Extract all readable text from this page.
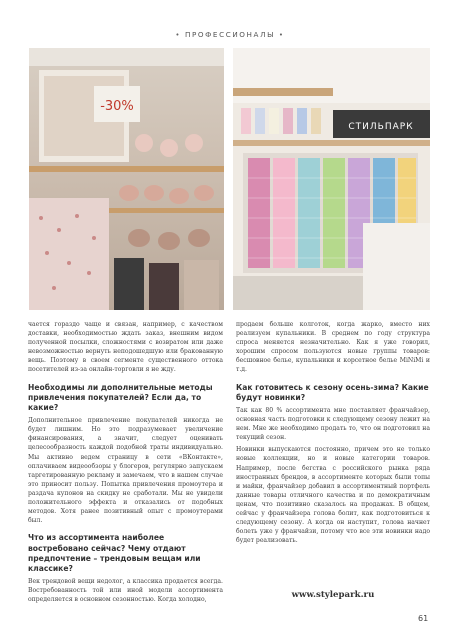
• ПРОФЕССИОНАЛЫ •
-30%
СТИЛЬПАРК

чается гораздо чаще и связан, например, с качеством доставки, необходимостью ждать заказ, внешним видом полученной посылки, сложностями с возвратом или даже невозможностью вернуть неподошедшую или бракованную вещь. Поэтому в своем сегменте существенного оттока посетителей из-за онлайн-торговли я не жду.

Необходимы ли дополнительные методы привлечения покупателей? Если да, то какие?

Дополнительное привлечение покупателей никогда не будет лишним. Но это подразумевает увеличение финансирования, а значит, следует оценивать целесообразность каждой подобной траты индивидуально. Мы активно ведем страницу в сети «ВКонтакте», оплачиваем видеообзоры у блогеров, регулярно запускаем таргетированную рекламу и замечаем, что в нашем случае это приносит пользу. Попытка привлечения промоутера и раздача купонов на скидку не сработали. Мы не увидели положительного эффекта и отказались от подобных методов. Хотя ранее позитивный опыт с промоутерами был.

Что из ассортимента наиболее востребовано сейчас? Чему отдают предпочтение – трендовым вещам или классике?

Век трендовой вещи недолог, а классика продается всегда. Востребованность той или иной модели ассортимента определяется в основном сезонностью. Когда холодно,

продаем больше колготок, когда жарко, вместо них реализуем купальники. В среднем по году структура спроса меняется незначительно. Как я уже говорил, хорошим спросом пользуются новые группы товаров: бесшовное белье, купальники и корсетное белье MiNiMi и т.д.

Как готовитесь к сезону осень-зима? Какие будут новинки?

Так как 80 % ассортимента мне поставляет франчайзер, основная часть подготовки к следующему сезону лежит на нем. Мне же необходимо продать то, что он подготовил на текущий сезон.

Новинки выпускаются постоянно, причем это не только новые коллекции, но и новые категории товаров. Например, после бегства с российского рынка ряда иностранных брендов, в ассортименте которых были топы и майки, франчайзер добавил в ассортиментный портфель данные товары отличного качества и по демократичным ценам, что позитивно сказалось на продажах. В общем, сейчас у франчайзера голова болит, как подготовиться к следующему сезону. А когда он наступит, голова начнет болеть уже у франчайзи, потому что все эти новинки надо будет реализовать.

www.stylepark.ru
61
